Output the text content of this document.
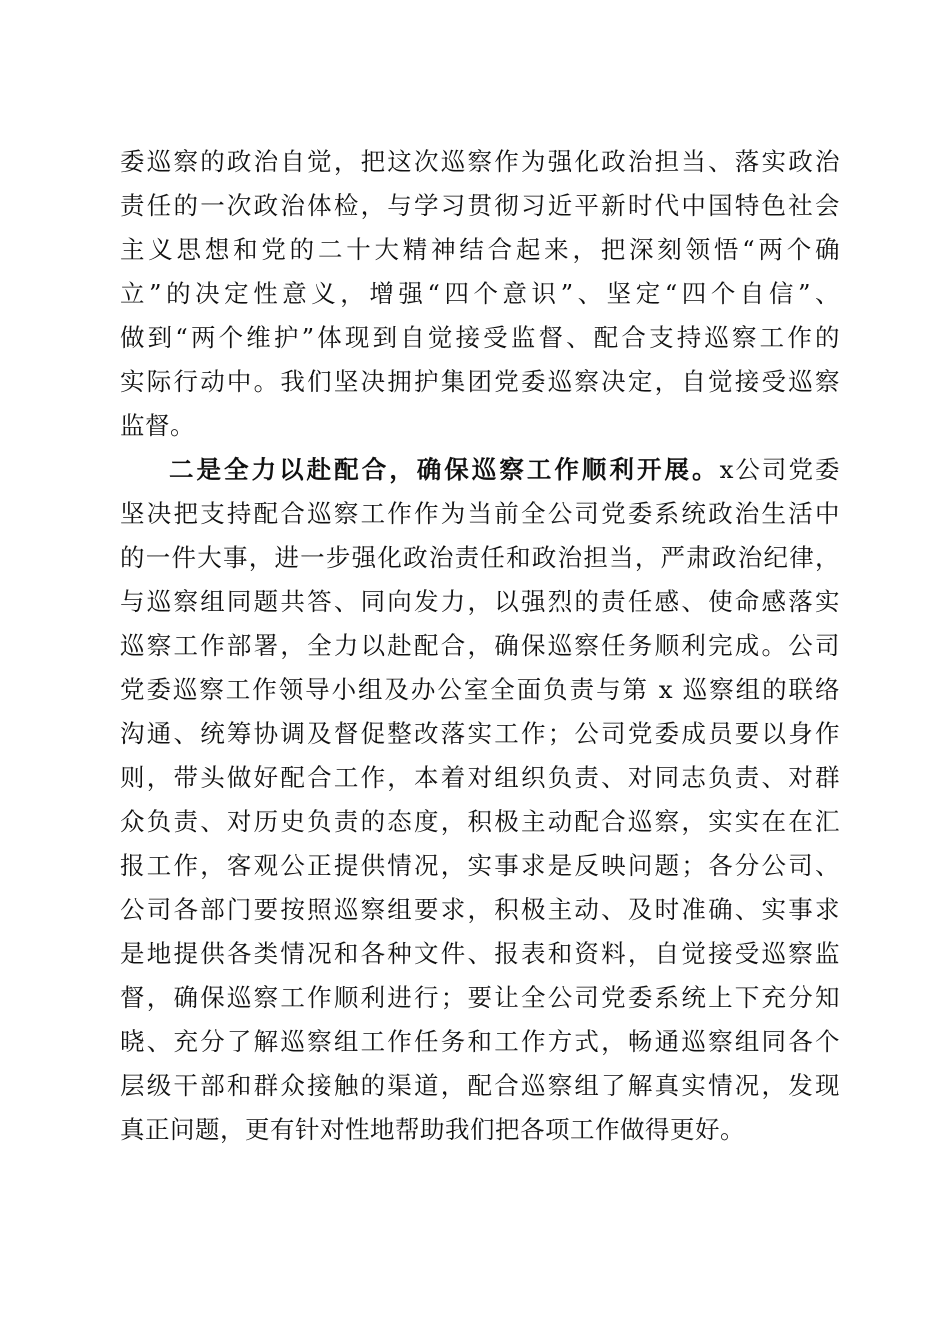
委巡察的政治自觉，把这次巡察作为强化政治担当、落实政治
责任的一次政治体检，与学习贯彻习近平新时代中国特色社会
主义思想和党的二十大精神结合起来，把深刻领悟“两个确
立”的决定性意义，增强“四个意识”、坚定“四个自信”、
做到“两个维护”体现到自觉接受监督、配合支持巡察工作的
实际行动中。我们坚决拥护集团党委巡察决定，自觉接受巡察
监督。
二是全力以赴配合，确保巡察工作顺利开展。x公司党委
坚决把支持配合巡察工作作为当前全公司党委系统政治生活中
的一件大事，进一步强化政治责任和政治担当，严肃政治纪律，
与巡察组同题共答、同向发力，以强烈的责任感、使命感落实
巡察工作部署，全力以赴配合，确保巡察任务顺利完成。公司
党委巡察工作领导小组及办公室全面负责与第 x 巡察组的联络
沟通、统筹协调及督促整改落实工作；公司党委成员要以身作
则，带头做好配合工作，本着对组织负责、对同志负责、对群
众负责、对历史负责的态度，积极主动配合巡察，实实在在汇
报工作，客观公正提供情况，实事求是反映问题；各分公司、
公司各部门要按照巡察组要求，积极主动、及时准确、实事求
是地提供各类情况和各种文件、报表和资料，自觉接受巡察监
督，确保巡察工作顺利进行；要让全公司党委系统上下充分知
晓、充分了解巡察组工作任务和工作方式，畅通巡察组同各个
层级干部和群众接触的渠道，配合巡察组了解真实情况，发现
真正问题，更有针对性地帮助我们把各项工作做得更好。
